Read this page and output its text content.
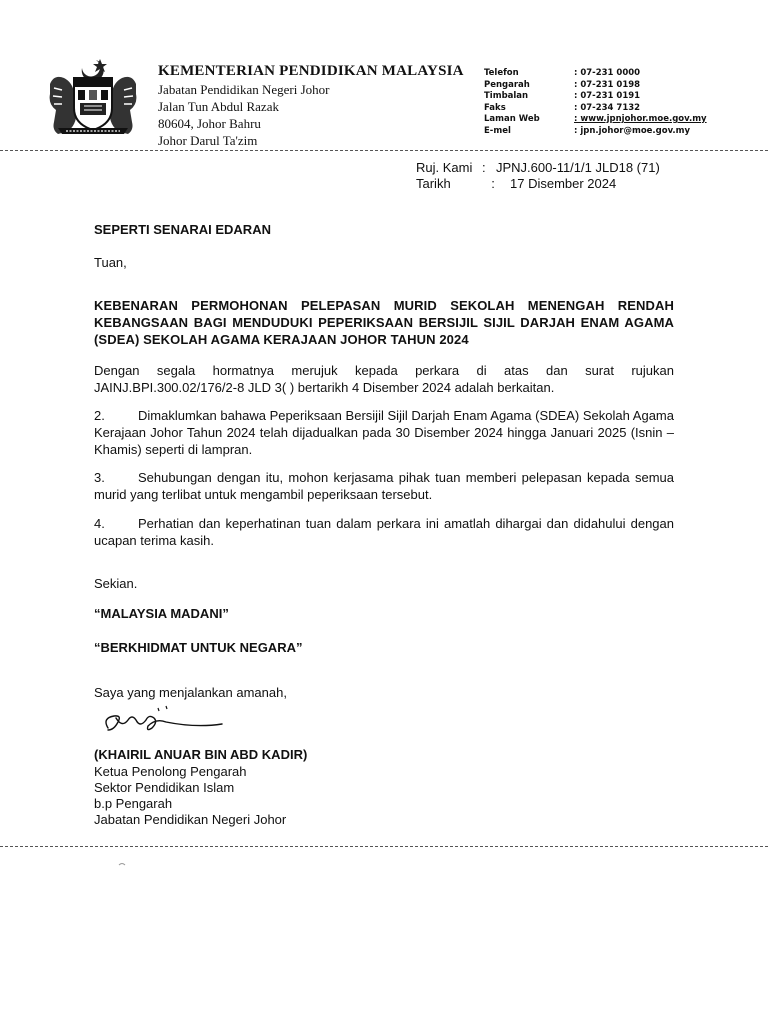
KEMENTERIAN PENDIDIKAN MALAYSIA
Jabatan Pendidikan Negeri Johor
Jalan Tun Abdul Razak
80604, Johor Bahru
Johor Darul Ta'zim
Telefon	: 07-231 0000
Pengarah	: 07-231 0198
Timbalan	: 07-231 0191
Faks	: 07-234 7132
Laman Web	: www.jpnjohor.moe.gov.my
E-mel	: jpn.johor@moe.gov.my
Ruj. Kami : JPNJ.600-11/1/1 JLD18 (71)
Tarikh	:	17 Disember 2024
SEPERTI SENARAI EDARAN
Tuan,
KEBENARAN PERMOHONAN PELEPASAN MURID SEKOLAH MENENGAH RENDAH KEBANGSAAN BAGI MENDUDUKI PEPERIKSAAN BERSIJIL SIJIL DARJAH ENAM AGAMA (SDEA) SEKOLAH AGAMA KERAJAAN JOHOR TAHUN 2024
Dengan segala hormatnya merujuk kepada perkara di atas dan surat rujukan JAINJ.BPI.300.02/176/2-8 JLD 3( ) bertarikh 4 Disember 2024 adalah berkaitan.
2.	Dimaklumkan bahawa Peperiksaan Bersijil Sijil Darjah Enam Agama (SDEA) Sekolah Agama Kerajaan Johor Tahun 2024 telah dijadualkan pada 30 Disember 2024 hingga Januari 2025 (Isnin – Khamis) seperti di lampran.
3.	Sehubungan dengan itu, mohon kerjasama pihak tuan memberi pelepasan kepada semua murid yang terlibat untuk mengambil peperiksaan tersebut.
4.	Perhatian dan keperhatinan tuan dalam perkara ini amatlah dihargai dan didahului dengan ucapan terima kasih.
Sekian.
“MALAYSIA MADANI”
“BERKHIDMAT UNTUK NEGARA”
Saya yang menjalankan amanah,
(KHAIRIL ANUAR BIN ABD KADIR)
Ketua Penolong Pengarah
Sektor Pendidikan Islam
b.p Pengarah
Jabatan Pendidikan Negeri Johor
